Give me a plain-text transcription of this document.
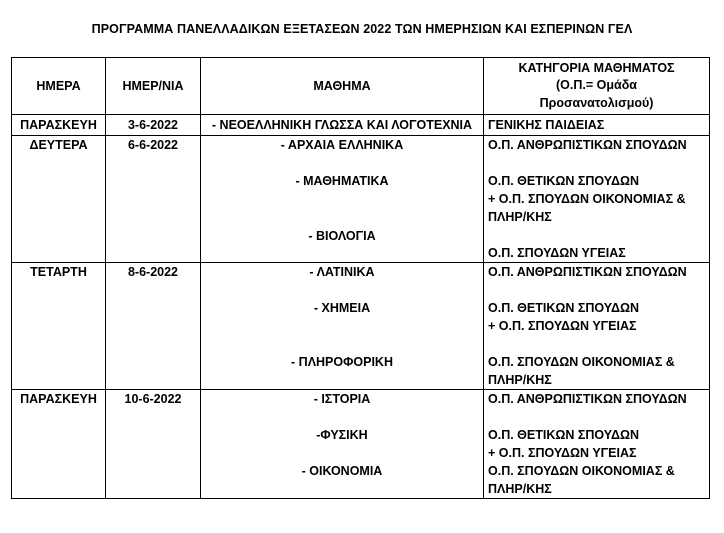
ΠΡΟΓΡΑΜΜΑ ΠΑΝΕΛΛΑΔΙΚΩΝ ΕΞΕΤΑΣΕΩΝ 2022 ΤΩΝ ΗΜΕΡΗΣΙΩΝ ΚΑΙ ΕΣΠΕΡΙΝΩΝ ΓΕΛ
ΗΜΕΡΑ	ΗΜΕΡ/ΝΙΑ	ΜΑΘΗΜΑ	ΚΑΤΗΓΟΡΙΑ ΜΑΘΗΜΑΤΟΣ
(Ο.Π.= Ομάδα
Προσανατολισμού)

ΠΑΡΑΣΚΕΥΗ	3-6-2022	- ΝΕΟΕΛΛΗΝΙΚΗ ΓΛΩΣΣΑ ΚΑΙ ΛΟΓΟΤΕΧΝΙΑ	ΓΕΝΙΚΗΣ ΠΑΙΔΕΙΑΣ
ΔΕΥΤΕΡΑ	6-6-2022	- ΑΡΧΑΙΑ ΕΛΛΗΝΙΚΑ
- ΜΑΘΗΜΑΤΙΚΑ
- ΒΙΟΛΟΓΙΑ	Ο.Π. ΑΝΘΡΩΠΙΣΤΙΚΩΝ ΣΠΟΥΔΩΝ
Ο.Π. ΘΕΤΙΚΩΝ ΣΠΟΥΔΩΝ
+ Ο.Π. ΣΠΟΥΔΩΝ ΟΙΚΟΝΟΜΙΑΣ &
ΠΛΗΡ/ΚΗΣ
Ο.Π. ΣΠΟΥΔΩΝ ΥΓΕΙΑΣ

ΤΕΤΑΡΤΗ	8-6-2022	- ΛΑΤΙΝΙΚΑ
- ΧΗΜΕΙΑ
- ΠΛΗΡΟΦΟΡΙΚΗ	Ο.Π. ΑΝΘΡΩΠΙΣΤΙΚΩΝ ΣΠΟΥΔΩΝ
Ο.Π. ΘΕΤΙΚΩΝ ΣΠΟΥΔΩΝ
+ Ο.Π. ΣΠΟΥΔΩΝ ΥΓΕΙΑΣ
Ο.Π. ΣΠΟΥΔΩΝ ΟΙΚΟΝΟΜΙΑΣ &
ΠΛΗΡ/ΚΗΣ

ΠΑΡΑΣΚΕΥΗ	10-6-2022	- ΙΣΤΟΡΙΑ
-ΦΥΣΙΚΗ
- ΟΙΚΟΝΟΜΙΑ	Ο.Π. ΑΝΘΡΩΠΙΣΤΙΚΩΝ ΣΠΟΥΔΩΝ
Ο.Π. ΘΕΤΙΚΩΝ ΣΠΟΥΔΩΝ
+ Ο.Π. ΣΠΟΥΔΩΝ ΥΓΕΙΑΣ
Ο.Π. ΣΠΟΥΔΩΝ ΟΙΚΟΝΟΜΙΑΣ &
ΠΛΗΡ/ΚΗΣ
